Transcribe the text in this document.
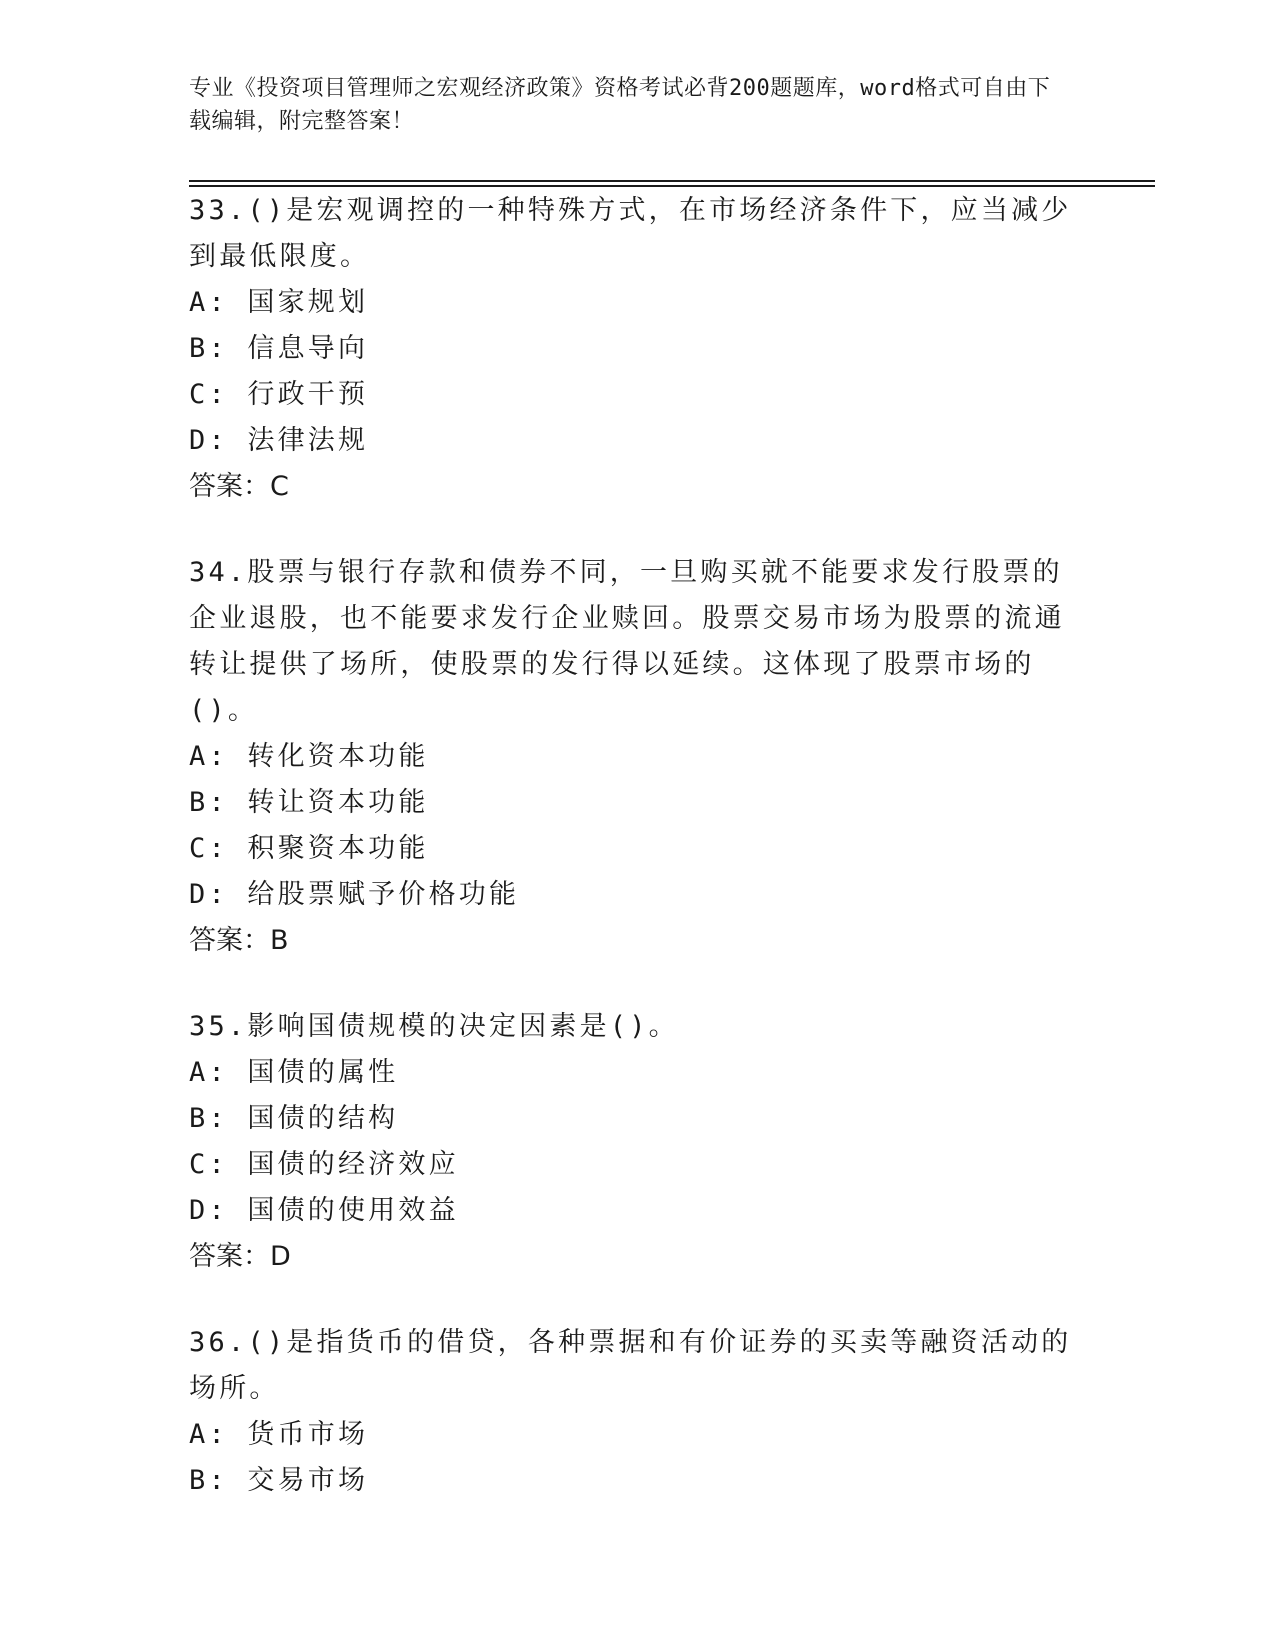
专业《投资项目管理师之宏观经济政策》资格考试必背200题题库，word格式可自由下载编辑，附完整答案！

33.()是宏观调控的一种特殊方式，在市场经济条件下，应当减少到最低限度。

A: 国家规划

B: 信息导向

C: 行政干预

D: 法律法规

答案：C

34.股票与银行存款和债券不同，一旦购买就不能要求发行股票的企业退股，也不能要求发行企业赎回。股票交易市场为股票的流通转让提供了场所，使股票的发行得以延续。这体现了股票市场的()。

A: 转化资本功能

B: 转让资本功能

C: 积聚资本功能

D: 给股票赋予价格功能

答案：B

35.影响国债规模的决定因素是()。

A: 国债的属性

B: 国债的结构

C: 国债的经济效应

D: 国债的使用效益

答案：D

36.()是指货币的借贷，各种票据和有价证券的买卖等融资活动的场所。

A: 货币市场

B: 交易市场
